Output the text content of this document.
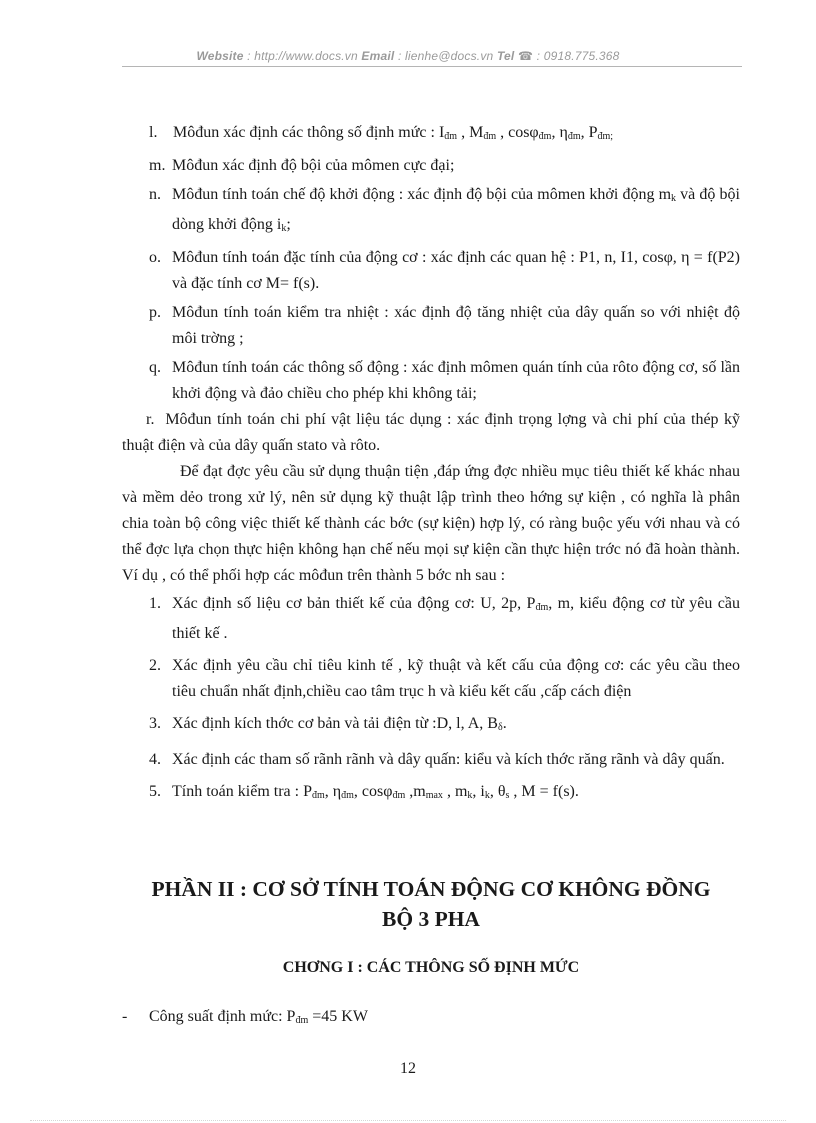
Website : http://www.docs.vn Email : lienhe@docs.vn Tel ☎ : 0918.775.368
l. Môđun xác định các thông số định mức : $I_{đm}$ , $M_{đm}$ , cosφ$_{đm}$, $\eta_{đm}$, $P_{đm;}$
m. Môđun xác định độ bội của mômen cực đại;
n. Môđun tính toán chế độ khởi động : xác định độ bội của mômen khởi động $m_k$ và độ bội dòng khởi động $i_k$;
o. Môđun tính toán đặc tính của động cơ : xác định các quan hệ : P1, n, I1, cosφ, η = f(P2) và đặc tính cơ M= f(s).
p. Môđun tính toán kiểm tra nhiệt : xác định độ tăng nhiệt của dây quấn so với nhiệt độ môi trờng ;
q. Môđun tính toán các thông số động : xác định mômen quán tính của rôto động cơ, số lần khởi động và đảo chiều cho phép khi không tải;
r.  Môđun tính toán chi phí vật liệu tác dụng : xác định trọng lợng và chi phí của thép kỹ thuật điện và của dây quấn stato và rôto.

Để đạt đợc yêu cầu sử dụng thuận tiện ,đáp ứng đợc nhiều mục tiêu thiết kế khác nhau và mềm dẻo trong xử lý, nên sử dụng kỹ thuật lập trình theo hớng sự kiện , có nghĩa là phân chia toàn bộ công việc thiết kế thành các bớc (sự kiện) hợp lý, có ràng buộc yếu với nhau và có thể đợc lựa chọn thực hiện không hạn chế nếu mọi sự kiện cần thực hiện trớc nó đã hoàn thành. Ví dụ , có thể phối hợp các môđun trên thành 5 bớc nh sau :

1. Xác định số liệu cơ bản thiết kế của động cơ: U, 2p, $P_{đm}$, m, kiểu động cơ từ yêu cầu thiết kế .
2. Xác định yêu cầu chỉ tiêu kinh tế , kỹ thuật và kết cấu của động cơ: các yêu cầu theo tiêu chuẩn nhất định,chiều cao tâm trục h và kiểu kết cấu ,cấp cách điện
3. Xác định kích thớc cơ bản và tải điện từ :D, l, A, $B_\delta$.
4. Xác định các tham số rãnh rãnh và dây quấn: kiểu và kích thớc răng rãnh và dây quấn.
5. Tính toán kiểm tra : $P_{đm}$, $\eta_{đm}$, cosφ$_{đm}$ $,m_{max}$ , $m_k$, $i_k$, $\theta_s$ , M = f(s).
PHẦN II : CƠ SỞ TÍNH TOÁN ĐỘNG CƠ KHÔNG ĐỒNG
BỘ 3 PHA
CHƠNG I : CÁC THÔNG SỐ ĐỊNH MỨC
- Công suất định mức: $P_{đm} =45$ KW
12
